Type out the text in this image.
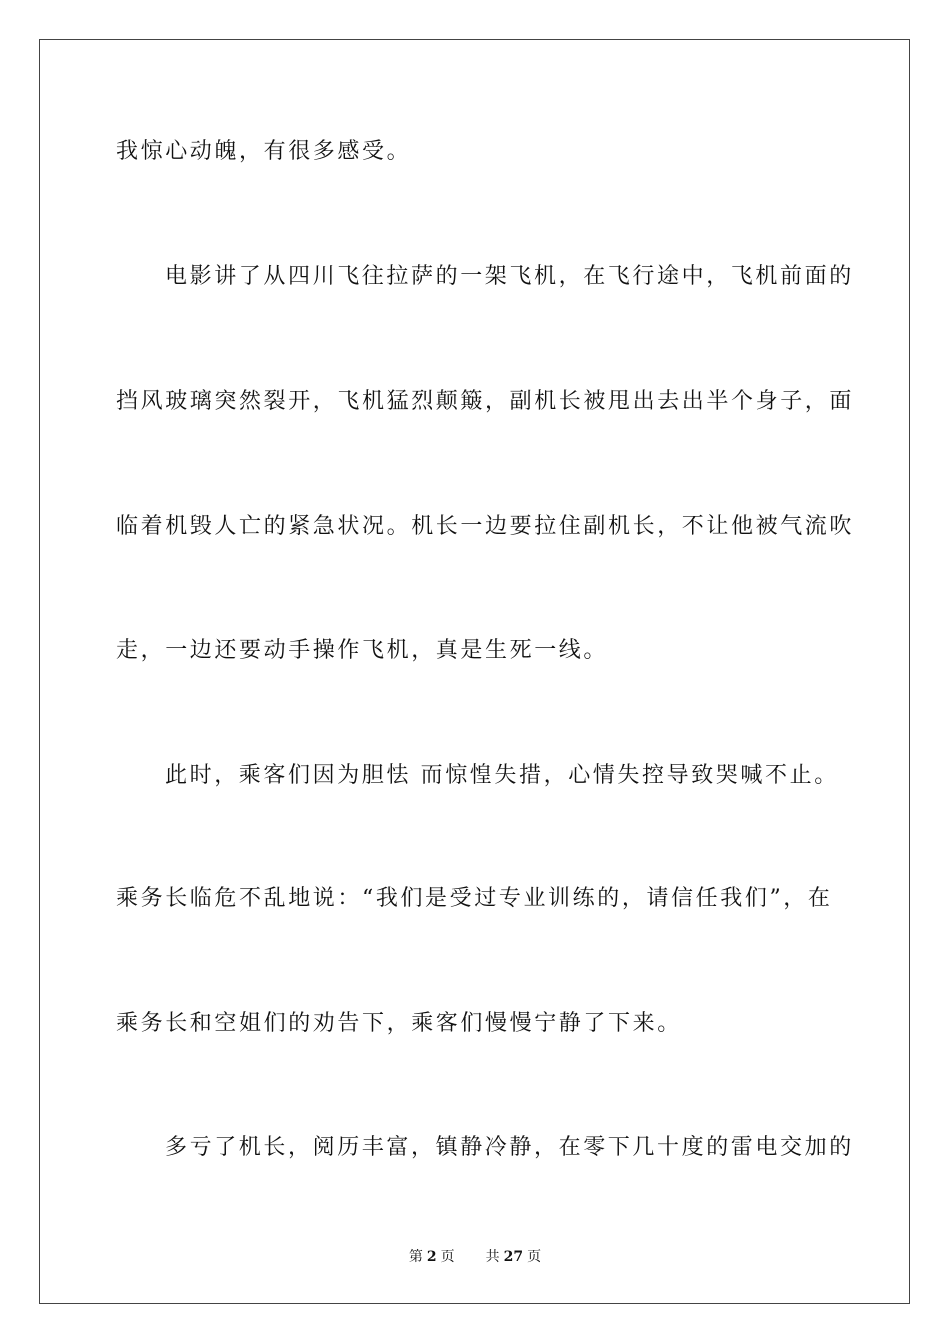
我惊心动魄，有很多感受。
电影讲了从四川飞往拉萨的一架飞机，在飞行途中，飞机前面的
挡风玻璃突然裂开，飞机猛烈颠簸，副机长被甩出去出半个身子，面
临着机毁人亡的紧急状况。机长一边要拉住副机长，不让他被气流吹
走，一边还要动手操作飞机，真是生死一线。
此时，乘客们因为胆怯 而惊惶失措，心情失控导致哭喊不止。
乘务长临危不乱地说：“我们是受过专业训练的，请信任我们”，在
乘务长和空姐们的劝告下，乘客们慢慢宁静了下来。
多亏了机长，阅历丰富，镇静冷静，在零下几十度的雷电交加的
第 2 页 共 27 页
